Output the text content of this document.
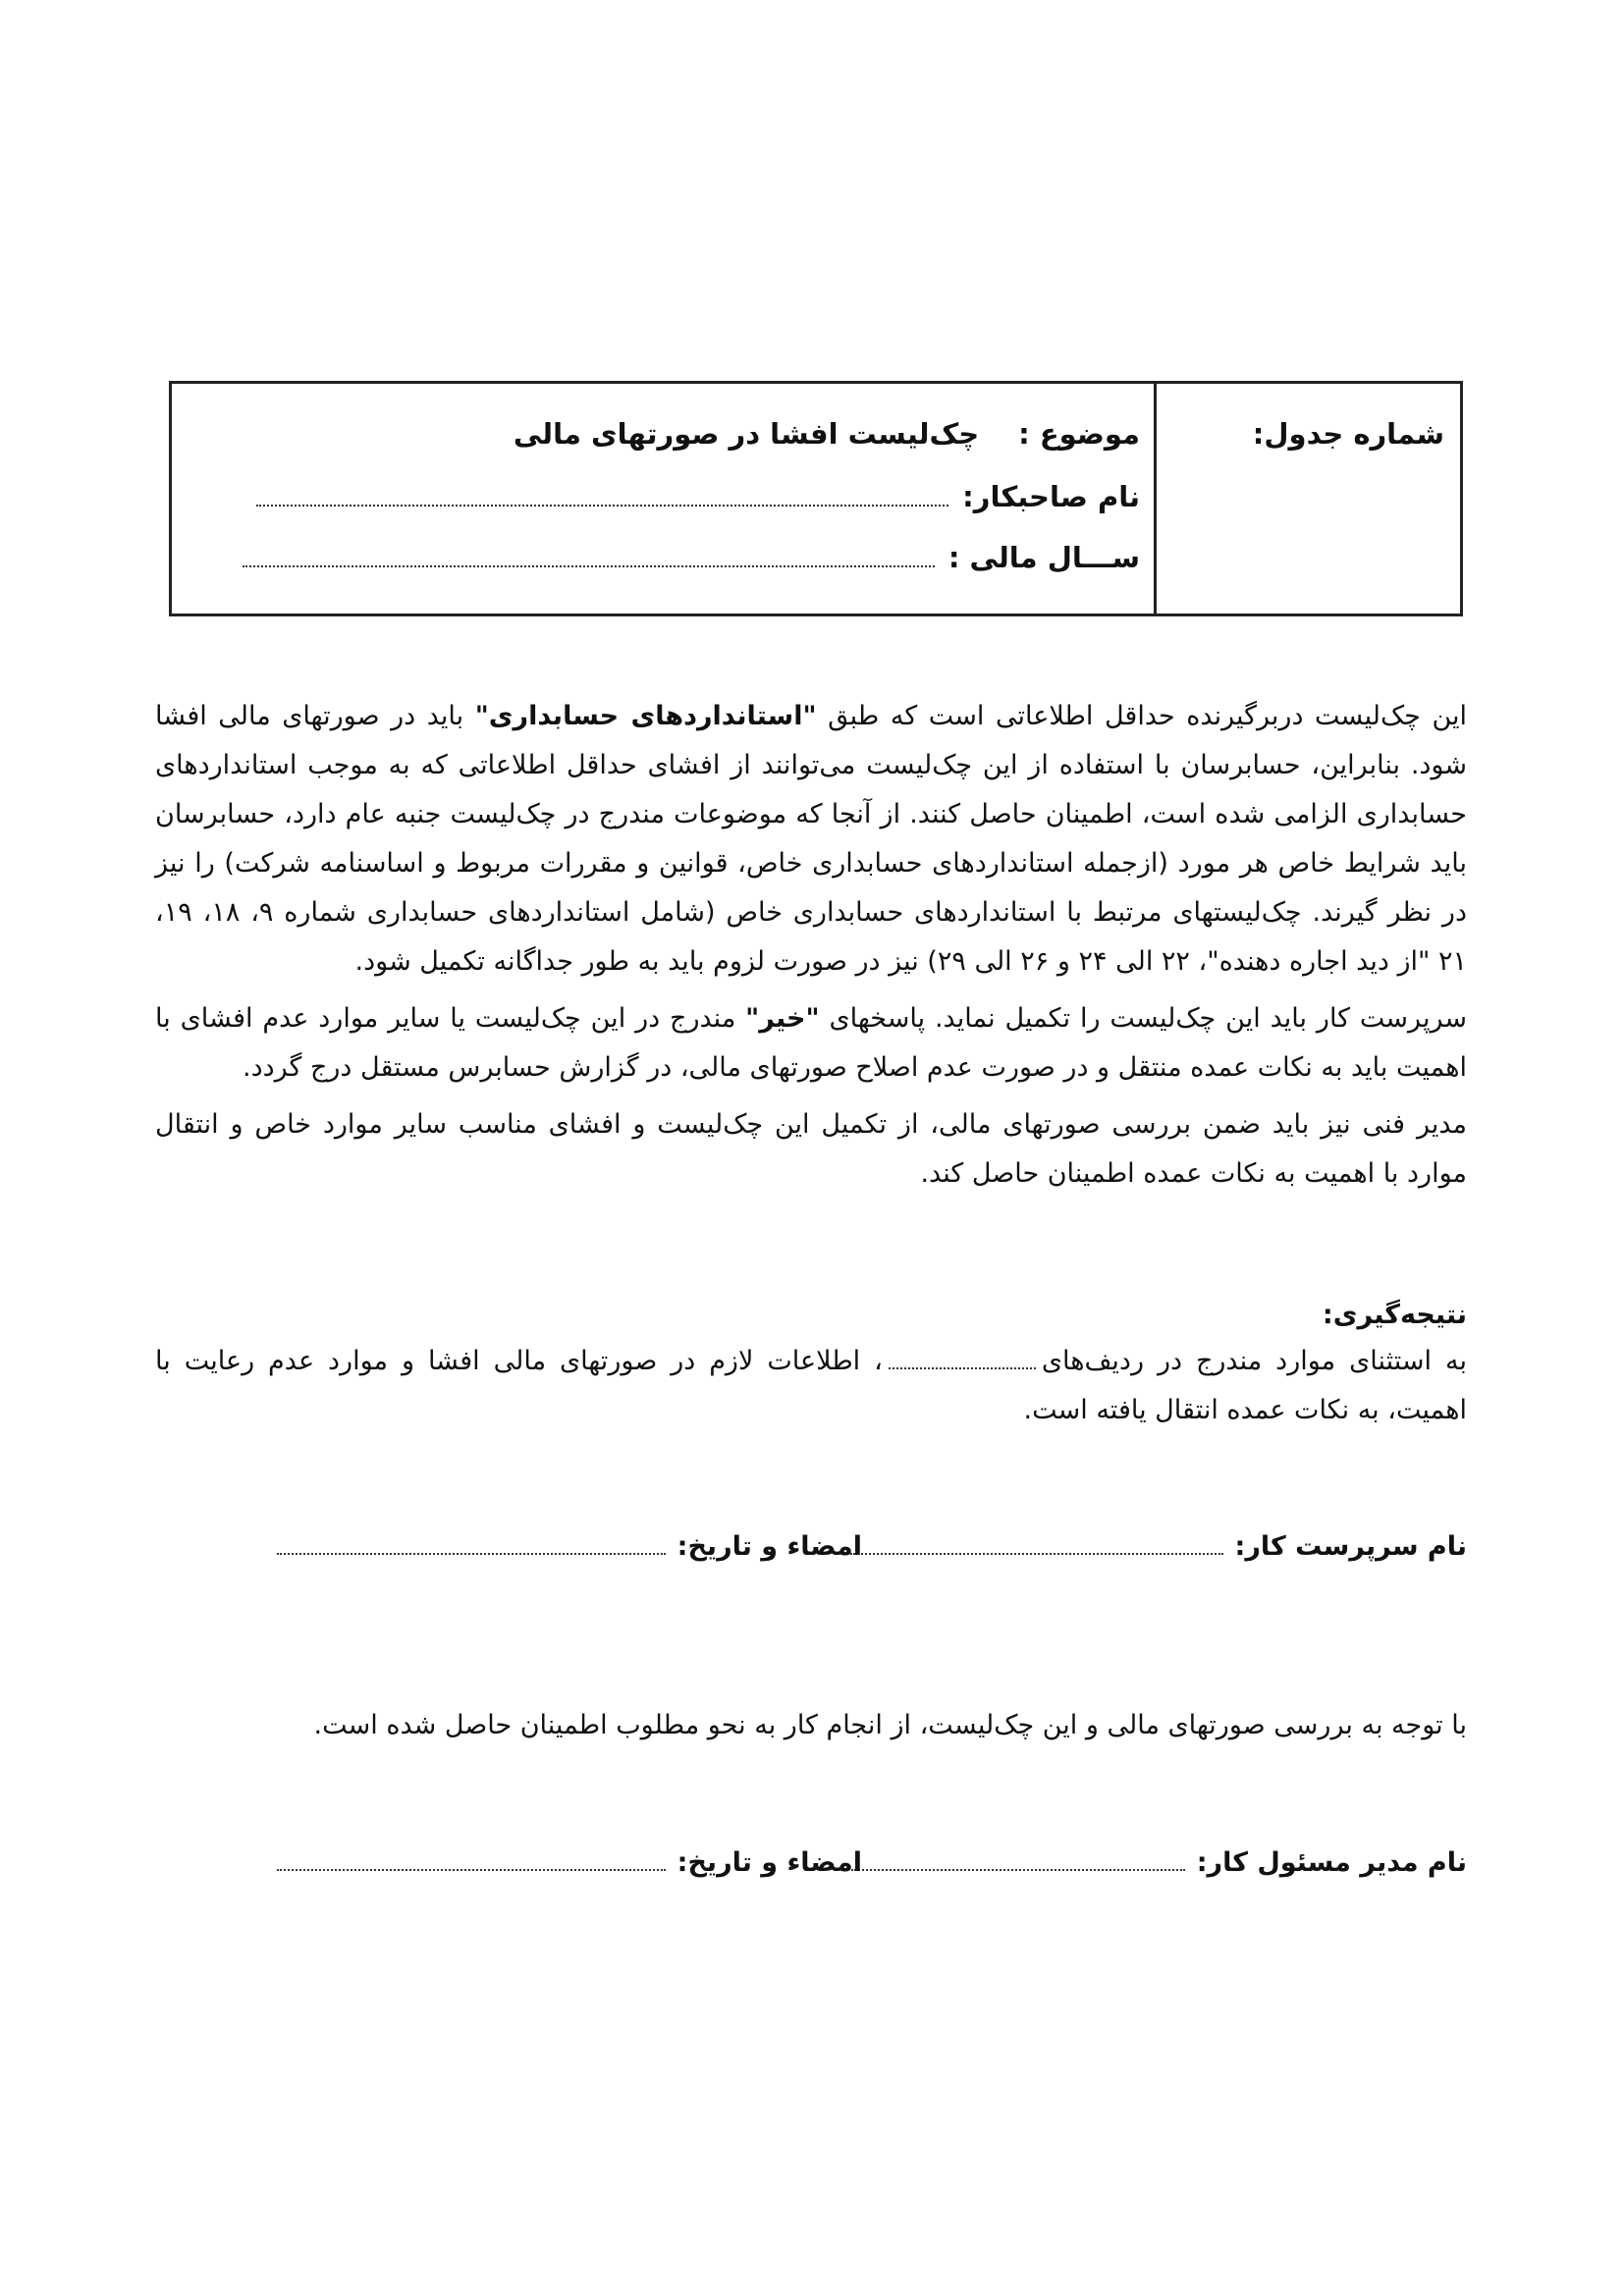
شماره جدول:
موضوع :
چک‌لیست افشا در صورتهای مالی
نام صاحبکار:
ســـال مالی :

این چک‌لیست دربرگیرنده حداقل اطلاعاتی است که طبق "استانداردهای حسابداری" باید در صورتهای مالی افشا شود. بنابراین، حسابرسان با استفاده از این چک‌لیست می‌توانند از افشای حداقل اطلاعاتی که به موجب استانداردهای حسابداری الزامی شده است، اطمینان حاصل کنند. از آنجا که موضوعات مندرج در چک‌لیست جنبه عام دارد، حسابرسان باید شرایط خاص هر مورد (ازجمله استانداردهای حسابداری خاص، قوانین و مقررات مربوط و اساسنامه شرکت) را نیز در نظر گیرند. چک‌لیستهای مرتبط با استانداردهای حسابداری خاص (شامل استانداردهای حسابداری شماره ۹، ۱۸، ۱۹، ۲۱ "از دید اجاره دهنده"، ۲۲ الی ۲۴ و ۲۶ الی ۲۹) نیز در صورت لزوم باید به طور جداگانه تکمیل شود.

سرپرست کار باید این چک‌لیست را تکمیل نماید. پاسخهای "خیر" مندرج در این چک‌لیست یا سایر موارد عدم افشای با اهمیت باید به نکات عمده منتقل و در صورت عدم اصلاح صورتهای مالی، در گزارش حسابرس مستقل درج گردد.

مدیر فنی نیز باید ضمن بررسی صورتهای مالی، از تکمیل این چک‌لیست و افشای مناسب سایر موارد خاص و انتقال موارد با اهمیت به نکات عمده اطمینان حاصل کند.

نتیجه‌گیری:
به استثنای موارد مندرج در ردیف‌های، اطلاعات لازم در صورتهای مالی افشا و موارد عدم رعایت با اهمیت، به نکات عمده انتقال یافته است.
نام سرپرست کار:
امضاء و تاریخ:
با توجه به بررسی صورتهای مالی و این چک‌لیست، از انجام کار به نحو مطلوب اطمینان حاصل شده است.
نام مدیر مسئول کار:
امضاء و تاریخ:
